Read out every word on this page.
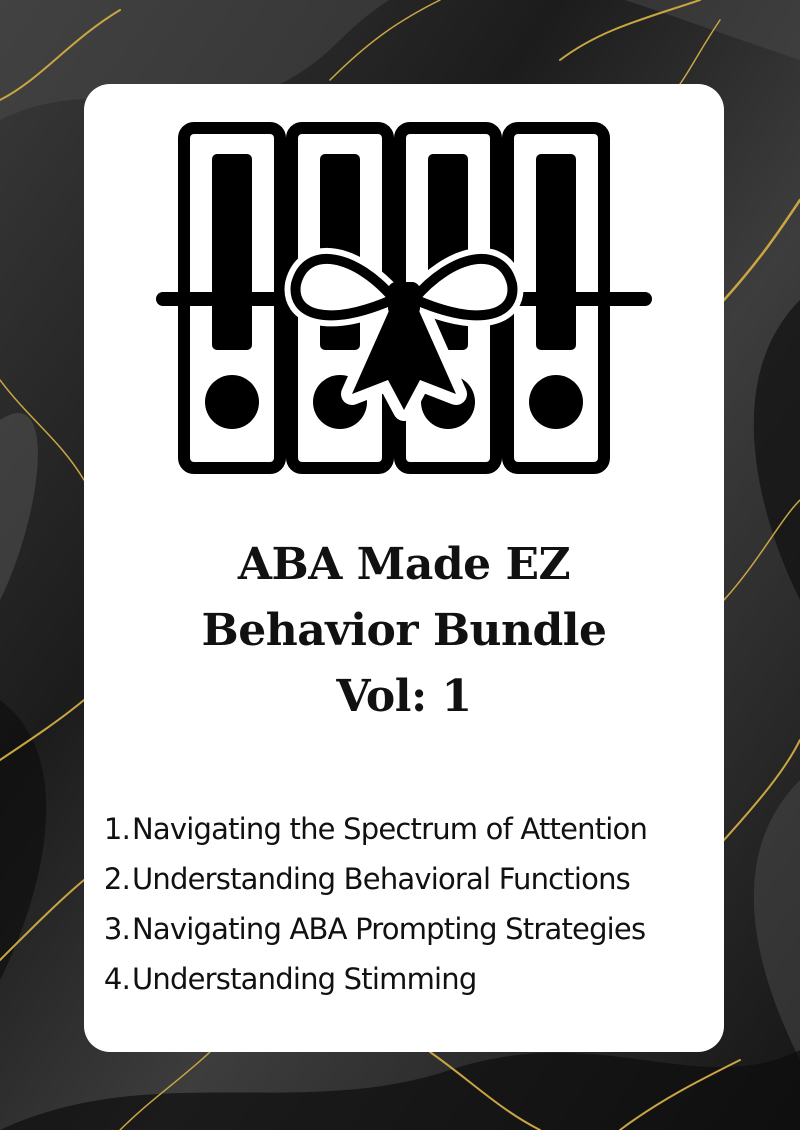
ABA Made EZ
Behavior Bundle
Vol: 1
1. Navigating the Spectrum of Attention
2. Understanding Behavioral Functions
3. Navigating ABA Prompting Strategies
4. Understanding Stimming
